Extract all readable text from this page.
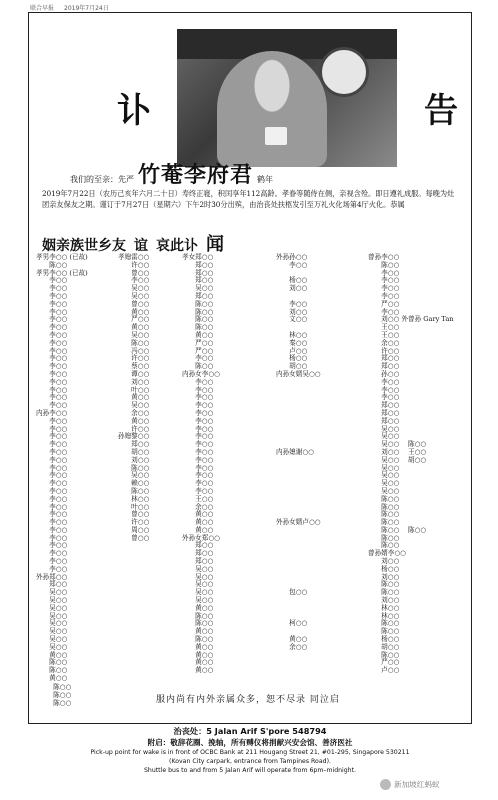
联合早报 2019年7月24日
讣	告
我们的至亲：先严 竹菴李府君 鹤年
2019年7月22日（农历己亥年六月二十日）寿终正寝，积闰享年112高龄。孝眷等随侍在侧，亲视含殓。即日遵礼成服。每晚为灶团亲友保友之期。谨订于7月27日（星期六）下午2时30分出殡，由治丧处扶柩发引至万礼火化场第4厅火化。恭属
姻亲族世乡友 谊 哀此讣 闻
孝男李○○ (已故)
　　陈○○
孝男李○○ (已故)
　　李○○
　　李○○
　　李○○
　　李○○
　　李○○
　　李○○
　　李○○
　　李○○
　　李○○
　　李○○
　　李○○
　　李○○
　　李○○
　　李○○
　　李○○
　　李○○
　　李○○
内孙李○○
　　李○○
　　李○○
　　李○○
　　李○○
　　李○○
　　李○○
　　李○○
　　李○○
　　李○○
　　李○○
　　李○○
　　李○○
　　李○○
　　李○○
　　李○○
　　李○○
　　李○○
　　李○○
　　李○○
　　李○○
外孙郑○○
　　郑○○
　　吴○○
　　吴○○
　　吴○○
　　吴○○
　　吴○○
　　吴○○
　　吴○○
　　吴○○
　　黄○○
　　陈○○
　　陈○○
　　黄○○
孝媳雷○○
　　许○○
　　曾○○
　　李○○
　　吴○○
　　吴○○
　　曾○○
　　黄○○
　　严○○
　　黄○○
　　吴○○
　　陈○○
　　冯○○
　　许○○
　　蔡○○
　　谭○○
　　刘○○
　　叶○○
　　黄○○
　　吴○○
　　余○○
　　黄○○
　　许○○
孙媳黎○○
　　郑○○
　　胡○○
　　刘○○
　　陈○○
　　吴○○
　　赖○○
　　陈○○
　　林○○
　　叶○○
　　曾○○
　　许○○
　　周○○
　　曾○○
孝女郑○○
　　郑○○
　　郑○○
　　郑○○
　　吴○○
　　郑○○
　　陈○○
　　陈○○
　　陈○○
　　陈○○
　　黄○○
　　严○○
　　严○○
　　李○○
　　陈○○
内孙女李○○
　　李○○
　　李○○
　　李○○
　　李○○
　　李○○
　　李○○
　　李○○
　　李○○
　　李○○
　　李○○
　　李○○
　　李○○
　　李○○
　　李○○
　　李○○
　　王○○
　　余○○
　　黄○○
　　黄○○
　　黄○○
外孙女郑○○
　　郑○○
　　郑○○
　　郑○○
　　吴○○
　　吴○○
　　吴○○
　　吴○○
　　吴○○
　　黄○○
　　陈○○
　　陈○○
　　黄○○
　　陈○○
　　黄○○
　　黄○○
　　黄○○
　　黄○○
外孙孙○○
　　李○○

　　杨○○
　　刘○○

　　李○○
　　刘○○
　　文○○

　　林○○
　　秦○○
　　卢○○
　　杨○○
　　胡○○
内孙女婿吴○○

内孙媳谢○○

外孙女婿卢○○

　　包○○

　　柯○○

　　黄○○
　　余○○
曾孙李○○
　　陈○○
　　李○○
　　李○○
　　李○○
　　李○○
　　严○○
　　李○○
　　刘○○ 外曾孙 Gary Tan
　　王○○
　　王○○
　　余○○
　　许○○
　　郑○○
　　郑○○
　　孙○○
　　李○○
　　李○○
　　李○○
　　郑○○
　　郑○○
　　郑○○
　　吴○○
　　吴○○
　　吴○○ 　陈○○
　　刘○○ 　王○○
　　吴○○ 　胡○○
　　吴○○
　　吴○○
　　吴○○
　　吴○○
　　陈○○
　　陈○○
　　陈○○
　　陈○○
　　陈○○ 　陈○○
　　陈○○
　　陈○○
曾孙婿李○○
　　刘○○
　　杨○○
　　刘○○
　　陈○○
　　陈○○
　　刘○○
　　林○○
　　林○○
　　陈○○
　　陈○○
　　杨○○
　　胡○○
　　陈○○
　　严○○
　　卢○○
　　陈○○
　　陈○○
　　陈○○	服内尚有内外亲属众多，恕不尽录 同泣启
治丧处：5 Jalan Arif S'pore 548794
附启：敬辞花圈、挽轴，所有赙仪将捐献兴安会馆、善济医社
Pick-up point for wake is in front of OCBC Bank at 211 Hougang Street 21, #01-295, Singapore 530211
(Kovan City carpark, entrance from Tampines Road).
Shuttle bus to and from 5 Jalan Arif will operate from 6pm–midnight.
新加坡红蚂蚁
